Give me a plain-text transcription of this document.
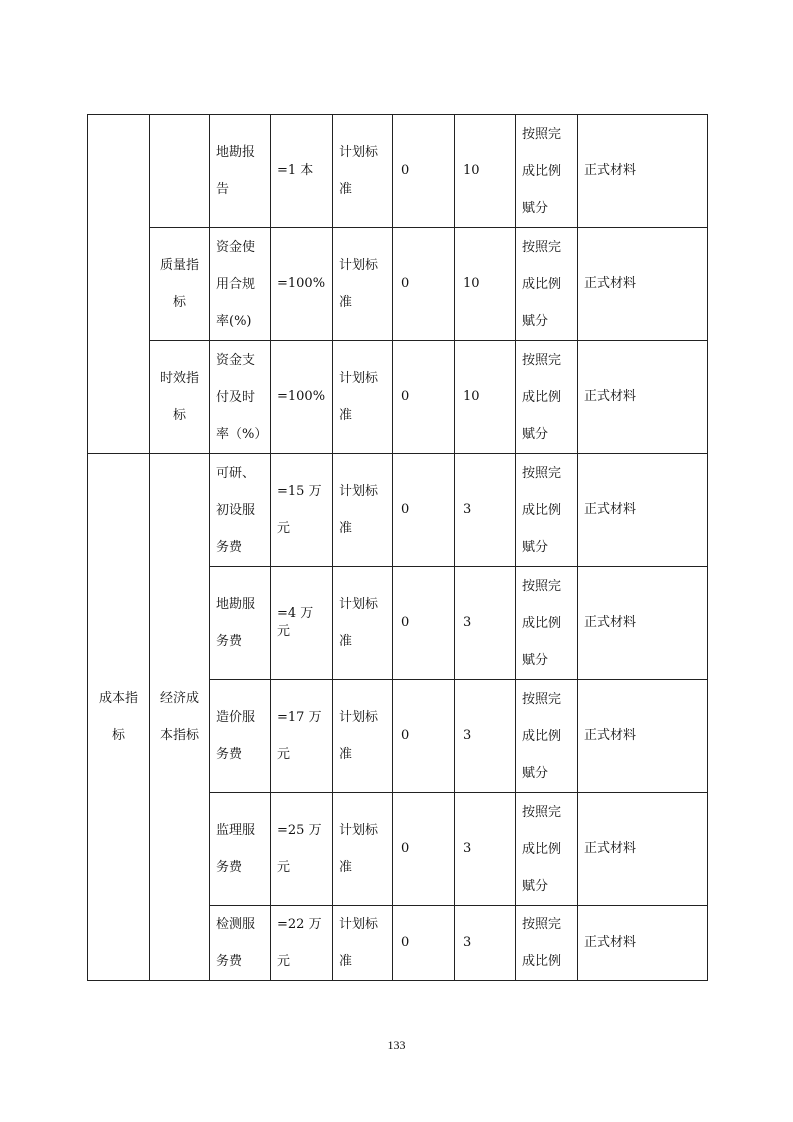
		地勘报告	=1 本	计划标准	0	10	按照完成比例赋分	正式材料

	质量指标	资金使用合规率(%)	=100%	计划标准	0	10	按照完成比例赋分	正式材料

	时效指标	资金支付及时率（%）	=100%	计划标准	0	10	按照完成比例赋分	正式材料

成本指标	经济成本指标	可研、初设服务费	=15 万元	计划标准	0	3	按照完成比例赋分	正式材料

		地勘服务费	=4 万元	计划标准	0	3	按照完成比例赋分	正式材料

		造价服务费	=17 万元	计划标准	0	3	按照完成比例赋分	正式材料

		监理服务费	=25 万元	计划标准	0	3	按照完成比例赋分	正式材料

		检测服务费	=22 万元	计划标准	0	3	按照完成比例	正式材料
133
